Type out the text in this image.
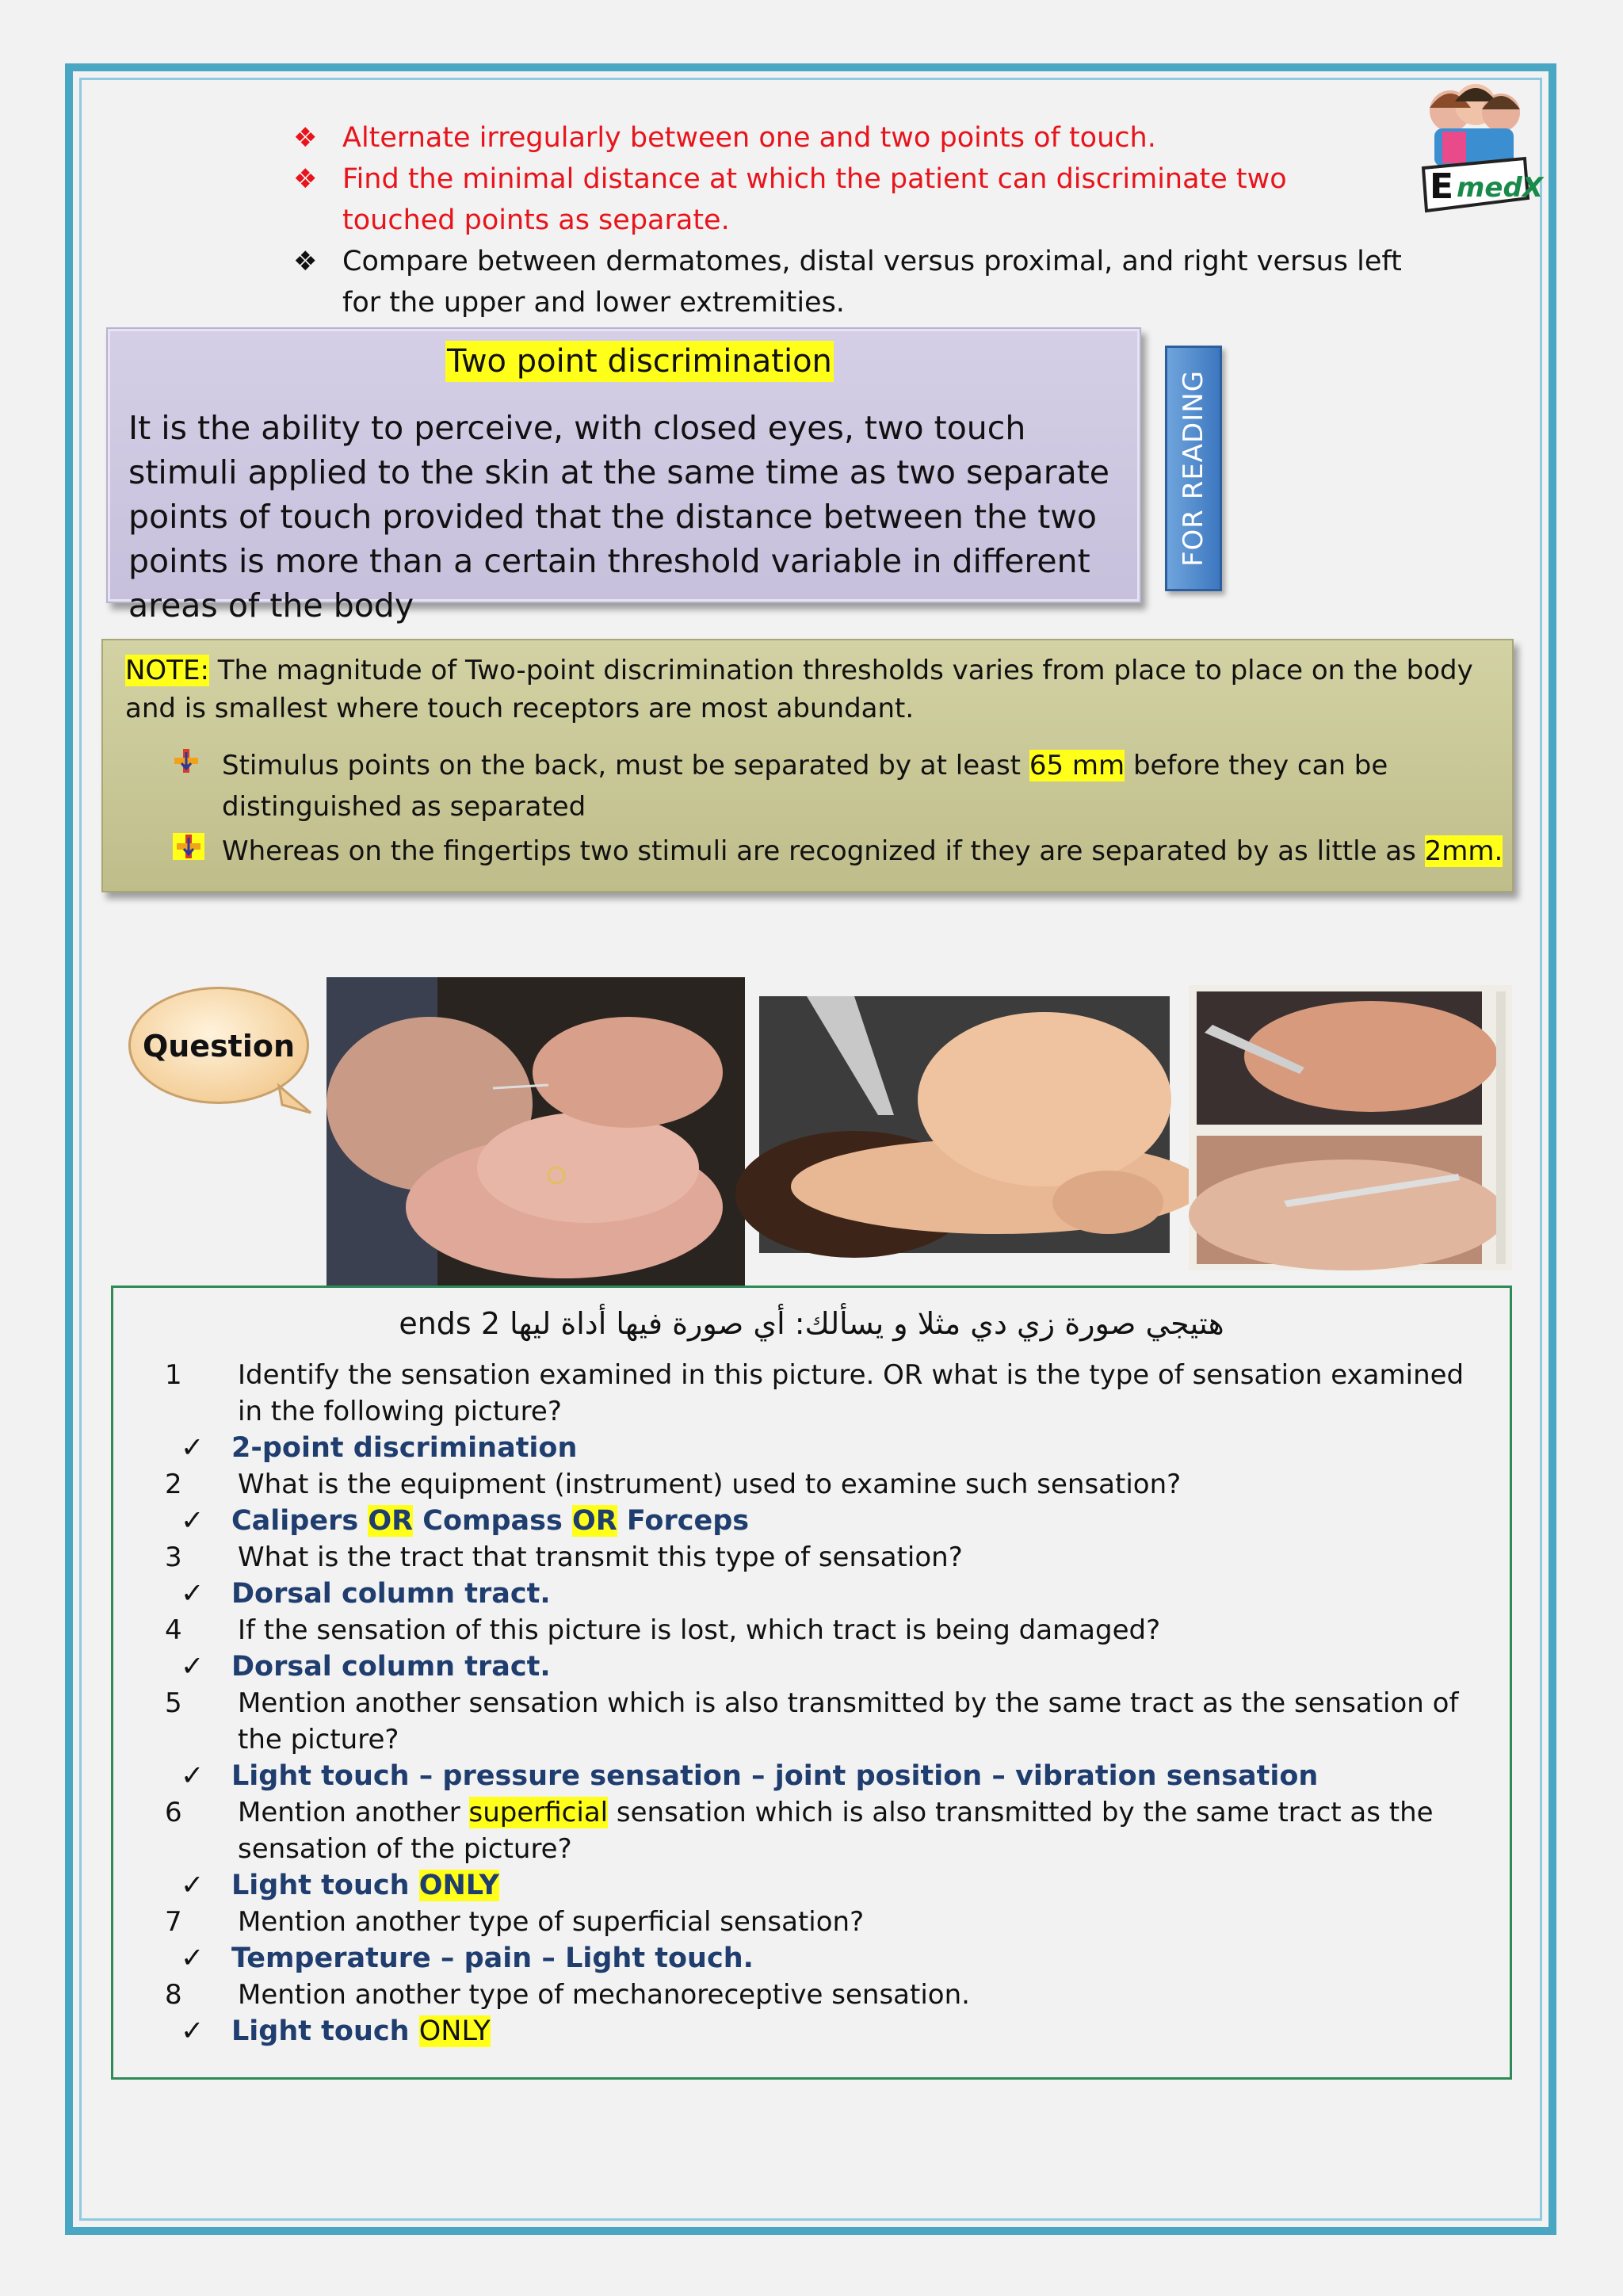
❖ Alternate irregularly between one and two points of touch.
❖ Find the minimal distance at which the patient can discriminate two touched points as separate.
❖ Compare between dermatomes, distal versus proximal, and right versus left for the upper and lower extremities.
E medX
Two point discrimination
It is the ability to perceive, with closed eyes, two touch stimuli applied to the skin at the same time as two separate points of touch provided that the distance between the two points is more than a certain threshold variable in different areas of the body
FOR READING
NOTE: The magnitude of Two-point discrimination thresholds varies from place to place on the body and is smallest where touch receptors are most abundant.
Stimulus points on the back, must be separated by at least 65 mm before they can be distinguished as separated
Whereas on the fingertips two stimuli are recognized if they are separated by as little as 2mm.
Question
هتيجي صورة زي دي مثلا و يسألك: أي صورة فيها أداة ليها 2 ends
1	Identify the sensation examined in this picture. OR what is the type of sensation examined in the following picture?
✓ 2-point discrimination
2	What is the equipment (instrument) used to examine such sensation?
✓ Calipers OR Compass OR Forceps
3	What is the tract that transmit this type of sensation?
✓ Dorsal column tract.
4	If the sensation of this picture is lost, which tract is being damaged?
✓ Dorsal column tract.
5	Mention another sensation which is also transmitted by the same tract as the sensation of the picture?
✓ Light touch – pressure sensation – joint position – vibration sensation
6	Mention another superficial sensation which is also transmitted by the same tract as the sensation of the picture?
✓ Light touch ONLY
7	Mention another type of superficial sensation?
✓ Temperature – pain – Light touch.
8	Mention another type of mechanoreceptive sensation.
✓ Light touch ONLY
